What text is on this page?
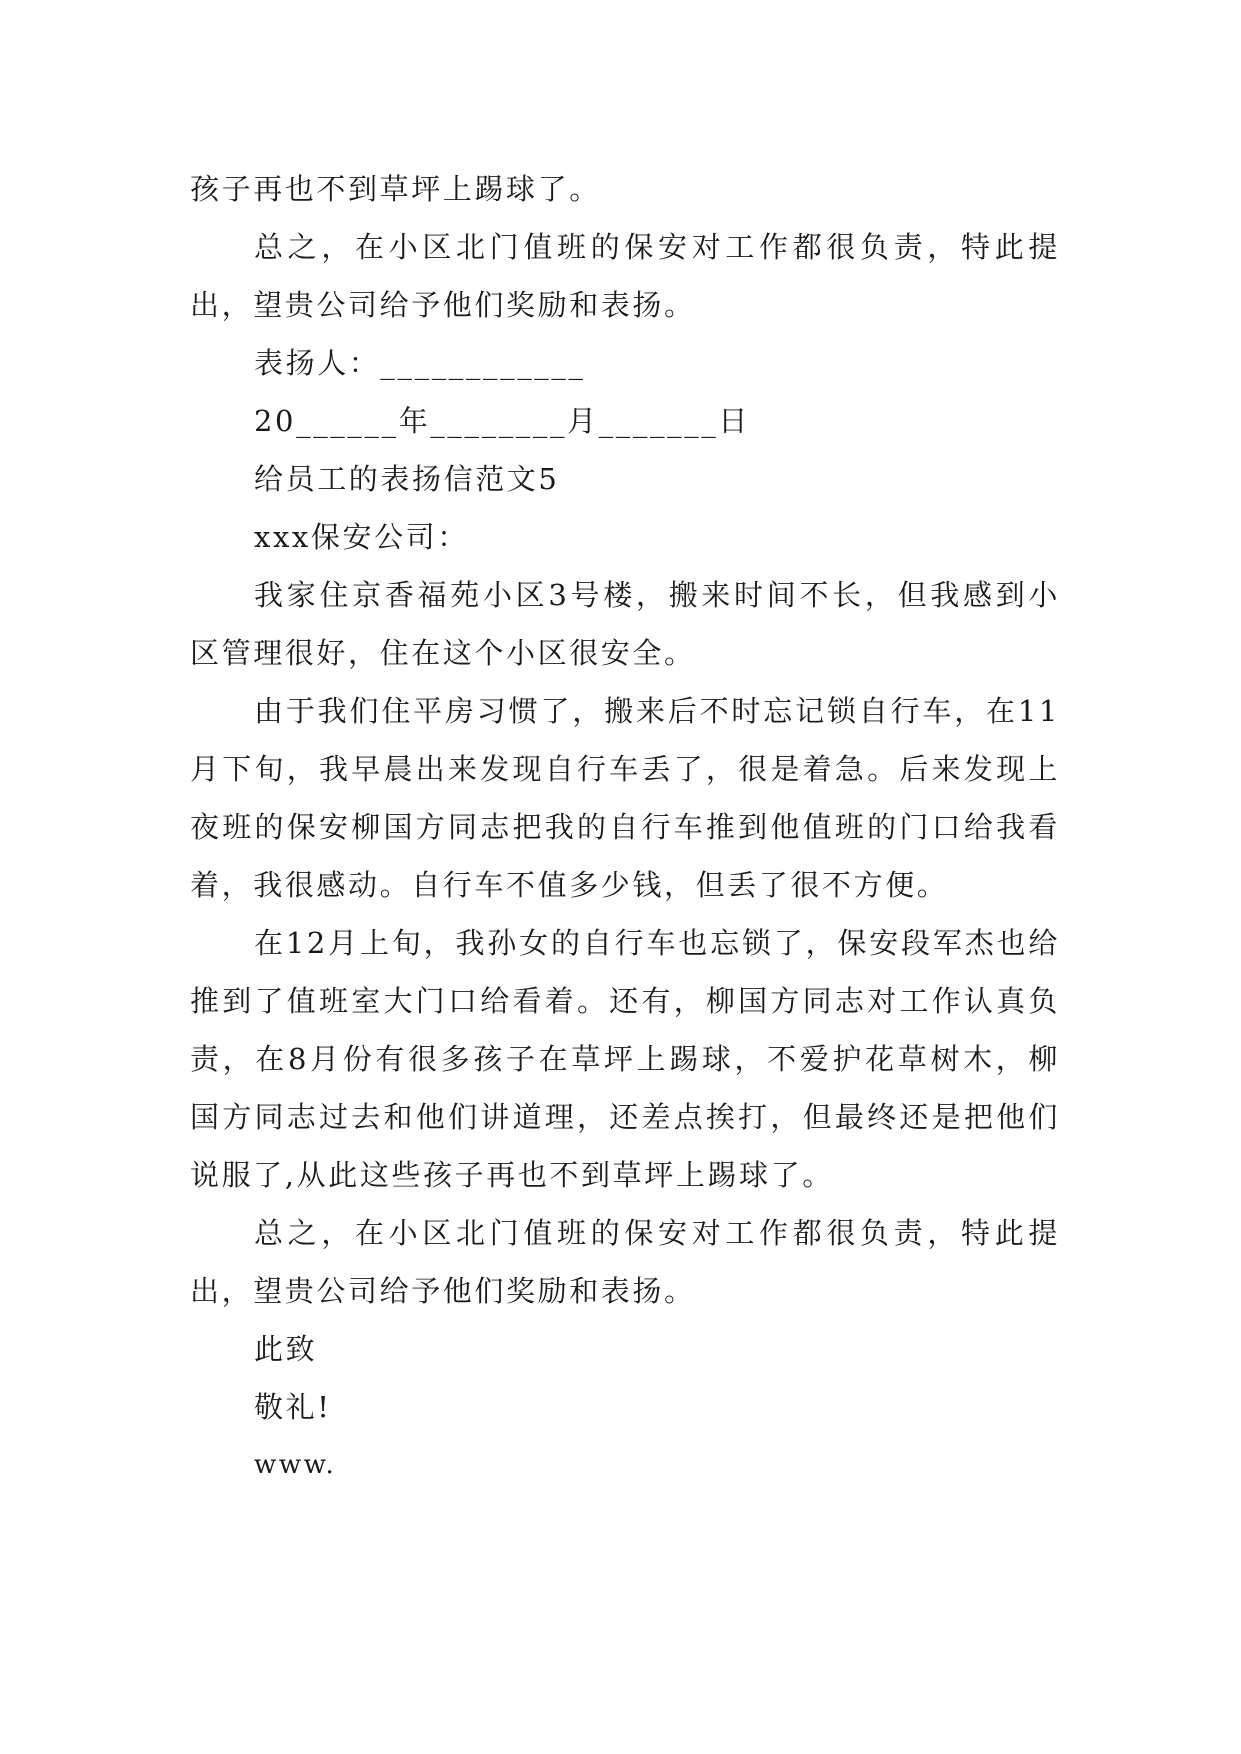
孩子再也不到草坪上踢球了。

总之，在小区北门值班的保安对工作都很负责，特此提出，望贵公司给予他们奖励和表扬。

表扬人：____________

20______年________月_______日

给员工的表扬信范文5

xxx保安公司：

我家住京香福苑小区3号楼，搬来时间不长，但我感到小区管理很好，住在这个小区很安全。

由于我们住平房习惯了，搬来后不时忘记锁自行车，在11月下旬，我早晨出来发现自行车丢了，很是着急。后来发现上夜班的保安柳国方同志把我的自行车推到他值班的门口给我看着，我很感动。自行车不值多少钱，但丢了很不方便。

在12月上旬，我孙女的自行车也忘锁了，保安段军杰也给推到了值班室大门口给看着。还有，柳国方同志对工作认真负责，在8月份有很多孩子在草坪上踢球，不爱护花草树木，柳国方同志过去和他们讲道理，还差点挨打，但最终还是把他们说服了,从此这些孩子再也不到草坪上踢球了。

总之，在小区北门值班的保安对工作都很负责，特此提出，望贵公司给予他们奖励和表扬。

此致

敬礼!

www.
